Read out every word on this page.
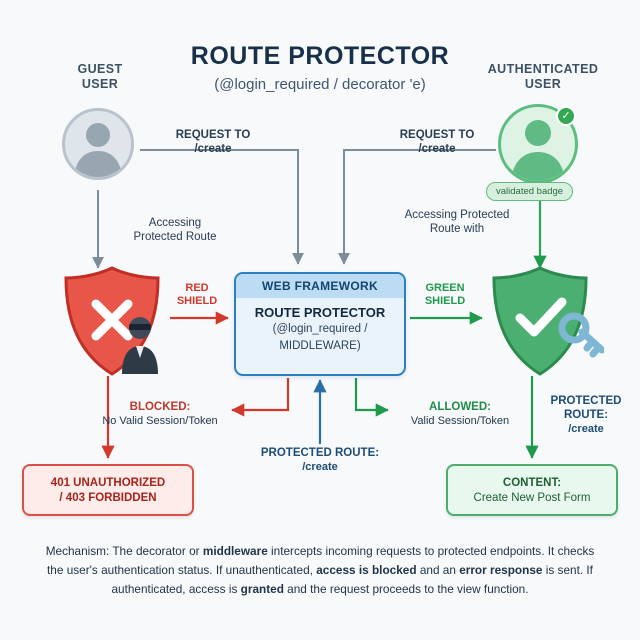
ROUTE PROTECTOR
(@login_required / decorator 'e)
GUEST
USER
REQUEST TO
/create
Accessing
Protected Route
AUTHENTICATED
USER
✓
validated badge
REQUEST TO
/create
Accessing Protected
Route with
RED
SHIELD
GREEN
SHIELD
WEB FRAMEWORK
ROUTE PROTECTOR
(@login_required /
MIDDLEWARE)
BLOCKED:
No Valid Session/Token
ALLOWED:
Valid Session/Token
PROTECTED ROUTE:
/create
PROTECTED
ROUTE:
/create
401 UNAUTHORIZED
/ 403 FORBIDDEN
CONTENT:
Create New Post Form
Mechanism: The decorator or middleware intercepts incoming requests to protected endpoints. It checks the user's authentication status. If unauthenticated, access is blocked and an error response is sent. If authenticated, access is granted and the request proceeds to the view function.
